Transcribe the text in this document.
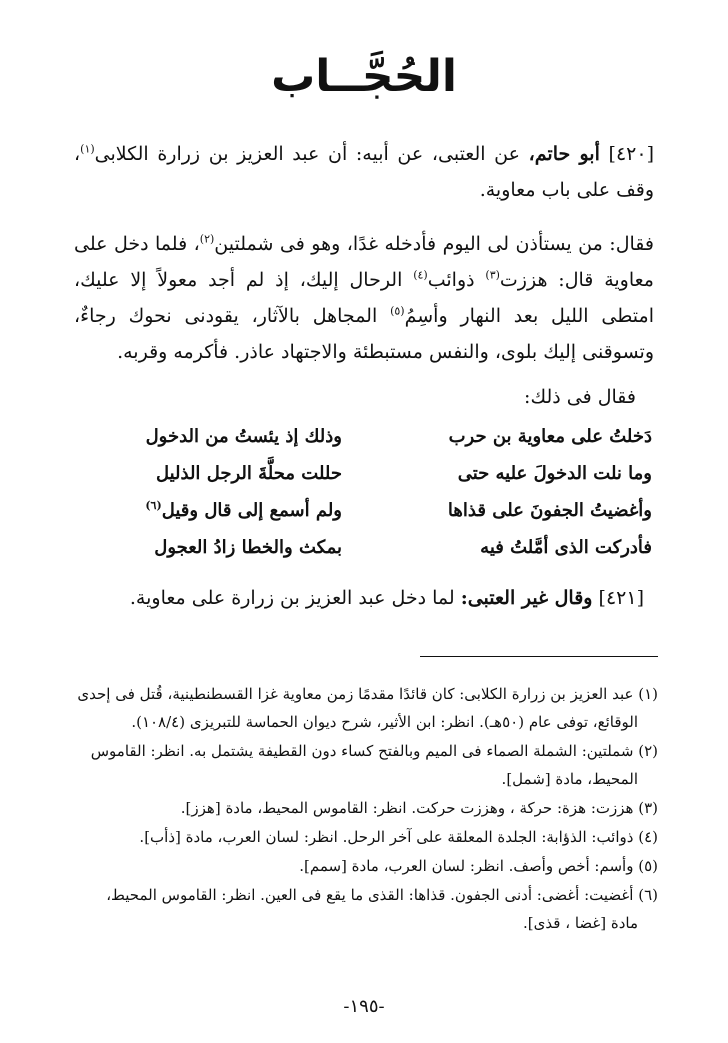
الحُجَّــاب
[٤٢٠] أبو حاتم، عن العتبى، عن أبيه: أن عبد العزيز بن زرارة الكلابى$^{(١)}$، وقف على باب معاوية.
فقال: من يستأذن لى اليوم فأدخله غدًا، وهو فى شملتين$^{(٢)}$، فلما دخل على معاوية قال: هززت$^{(٣)}$ ذوائب$^{(٤)}$ الرحال إليك، إذ لم أجد معولاً إلا عليك، امتطى الليل بعد النهار وأسِمُ$^{(٥)}$ المجاهل بالآثار، يقودنى نحوك رجاءٌ، وتسوقنى إليك بلوى، والنفس مستبطئة والاجتهاد عاذر. فأكرمه وقربه.
فقال فى ذلك:
دَخلتُ على معاوية بن حرب
وذلك إذ يئستُ من الدخول
وما نلت الدخولَ عليه حتى
حللت محلَّةَ الرجل الذليل
وأغضيتُ الجفونَ على قذاها
ولم أسمع إلى قال وقيل$^{(٦)}$
فأدركت الذى أمَّلتُ فيه
بمكث والخطا زادُ العجول
[٤٢١] وقال غير العتبى: لما دخل عبد العزيز بن زرارة على معاوية.
(١) عبد العزيز بن زرارة الكلابى: كان قائدًا مقدمًا زمن معاوية غزا القسطنطينية، قُتل فى إحدى
الوقائع، توفى عام (٥٠هـ). انظر: ابن الأثير، شرح ديوان الحماسة للتبريزى (١٠٨/٤).
(٢) شملتين: الشملة الصماء فى الميم وبالفتح كساء دون القطيفة يشتمل به. انظر: القاموس
المحيط، مادة [شمل].
(٣) هززت: هزة: حركة ، وهززت حركت. انظر: القاموس المحيط، مادة [هزز].
(٤) ذوائب: الذؤابة: الجلدة المعلقة على آخر الرحل. انظر: لسان العرب، مادة [ذأب].
(٥) وأسم: أخص وأصف. انظر: لسان العرب، مادة [سمم].
(٦) أغضيت: أغضى: أدنى الجفون. قذاها: القذى ما يقع فى العين. انظر: القاموس المحيط،
مادة [غضا ، قذى].
-١٩٥-
